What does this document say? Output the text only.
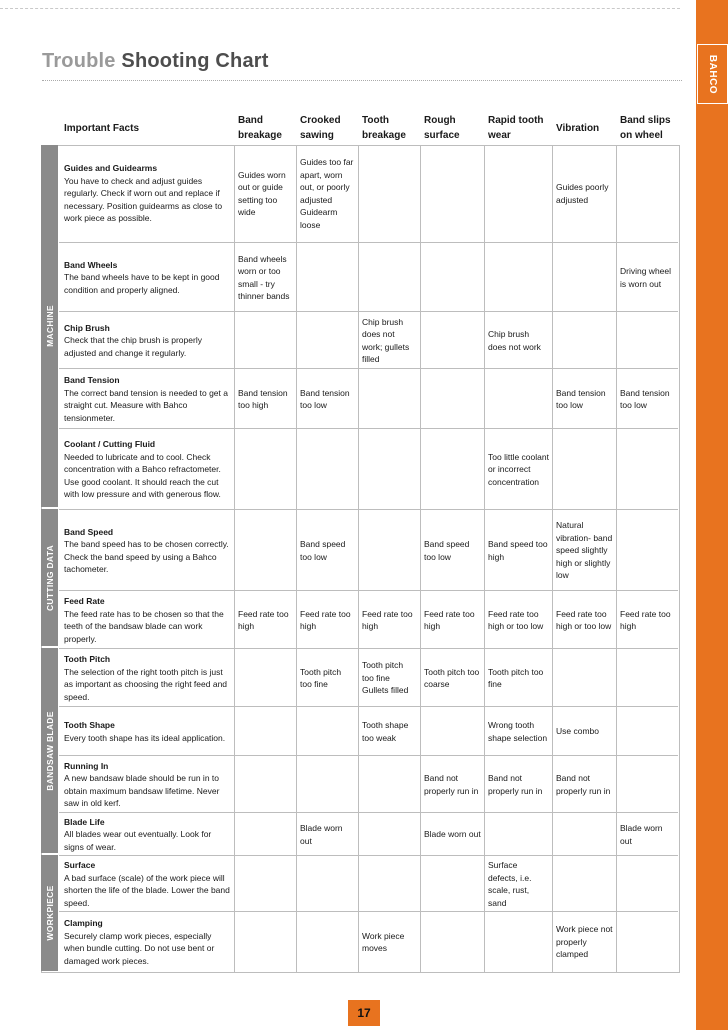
BAHCO
Trouble Shooting Chart
Important Facts
Band breakage
Crooked sawing
Tooth breakage
Rough surface
Rapid tooth wear
Vibration
Band slips on wheel
MACHINE
CUTTING DATA
BANDSAW BLADE
WORKPIECE
Guides and Guidearms
You have to check and adjust guides regularly. Check if worn out and replace if necessary. Position guidearms as close to work piece as possible.
Guides worn out or guide setting too wide
Guides too far apart, worn out, or poorly adjusted Guidearm loose
Guides poorly adjusted
Band Wheels
The band wheels have to be kept in good condition and properly aligned.
Band wheels worn or too small - try thinner bands
Driving wheel is worn out
Chip Brush
Check that the chip brush is properly adjusted and change it regularly.
Chip brush does not work; gullets filled
Chip brush does not work
Band Tension
The correct band tension is needed to get a straight cut. Measure with Bahco tensionmeter.
Band tension too high
Band tension too low
Band tension too low
Band tension too low
Coolant / Cutting Fluid
Needed to lubricate and to cool. Check concentration with a Bahco refractometer. Use good coolant. It should reach the cut with low pressure and with generous flow.
Too little coolant or incorrect concentration
Band Speed
The band speed has to be chosen correctly. Check the band speed by using a Bahco tachometer.
Band speed too low
Band speed too low
Band speed too high
Natural vibration- band speed slightly high or slightly low
Feed Rate
The feed rate has to be chosen so that the teeth of the bandsaw blade can work properly.
Feed rate too high
Feed rate too high
Feed rate too high
Feed rate too high
Feed rate too high or too low
Feed rate too high or too low
Feed rate too high
Tooth Pitch
The selection of the right tooth pitch is just as important as choosing the right feed and speed.
Tooth pitch too fine
Tooth pitch too fine Gullets filled
Tooth pitch too coarse
Tooth pitch too fine
Tooth Shape
Every tooth shape has its ideal application.
Tooth shape too weak
Wrong tooth shape selection
Use combo
Running In
A new bandsaw blade should be run in to obtain maximum bandsaw lifetime. Never saw in old kerf.
Band not properly run in
Band not properly run in
Band not properly run in
Blade Life
All blades wear out eventually. Look for signs of wear.
Blade worn out
Blade worn out
Blade worn out
Surface
A bad surface (scale) of the work piece will shorten the life of the blade. Lower the band speed.
Surface defects, i.e. scale, rust, sand
Clamping
Securely clamp work pieces, especially when bundle cutting. Do not use bent or damaged work pieces.
Work piece moves
Work piece not properly clamped
17
